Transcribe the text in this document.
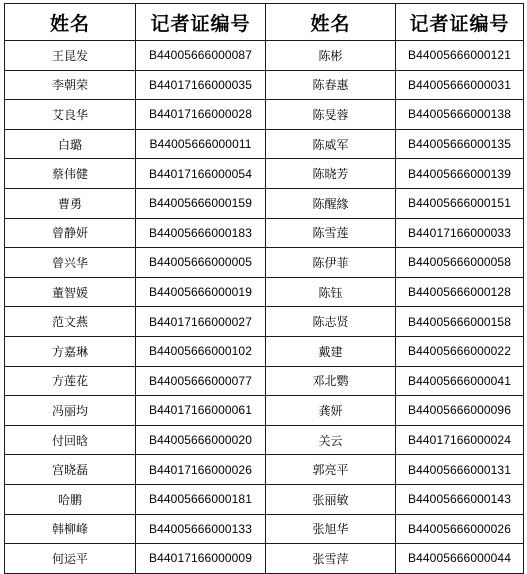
姓名	记者证编号	姓名	记者证编号
王昆发	B44005666000087	陈彬	B44005666000121
李朝荣	B44017166000035	陈春惠	B44005666000031
艾良华	B44017166000028	陈旻蓉	B44005666000138
白璐	B44005666000011	陈威军	B44005666000135
蔡伟健	B44017166000054	陈晓芳	B44005666000139
曹勇	B44005666000159	陈醒緣	B44005666000151
曾静妍	B44005666000183	陈雪莲	B44017166000033
曾兴华	B44005666000005	陈伊菲	B44005666000058
董智媛	B44005666000019	陈钰	B44005666000128
范文燕	B44017166000027	陈志贤	B44005666000158
方嘉琳	B44005666000102	戴建	B44005666000022
方莲花	B44005666000077	邓北鹦	B44005666000041
冯丽均	B44017166000061	龚妍	B44005666000096
付回晗	B44005666000020	关云	B44017166000024
宫晓磊	B44017166000026	郭亮平	B44005666000131
哈鹏	B44005666000181	张丽敏	B44005666000143
韩柳峰	B44005666000133	张旭华	B44005666000026
何运平	B44017166000009	张雪萍	B44005666000044
